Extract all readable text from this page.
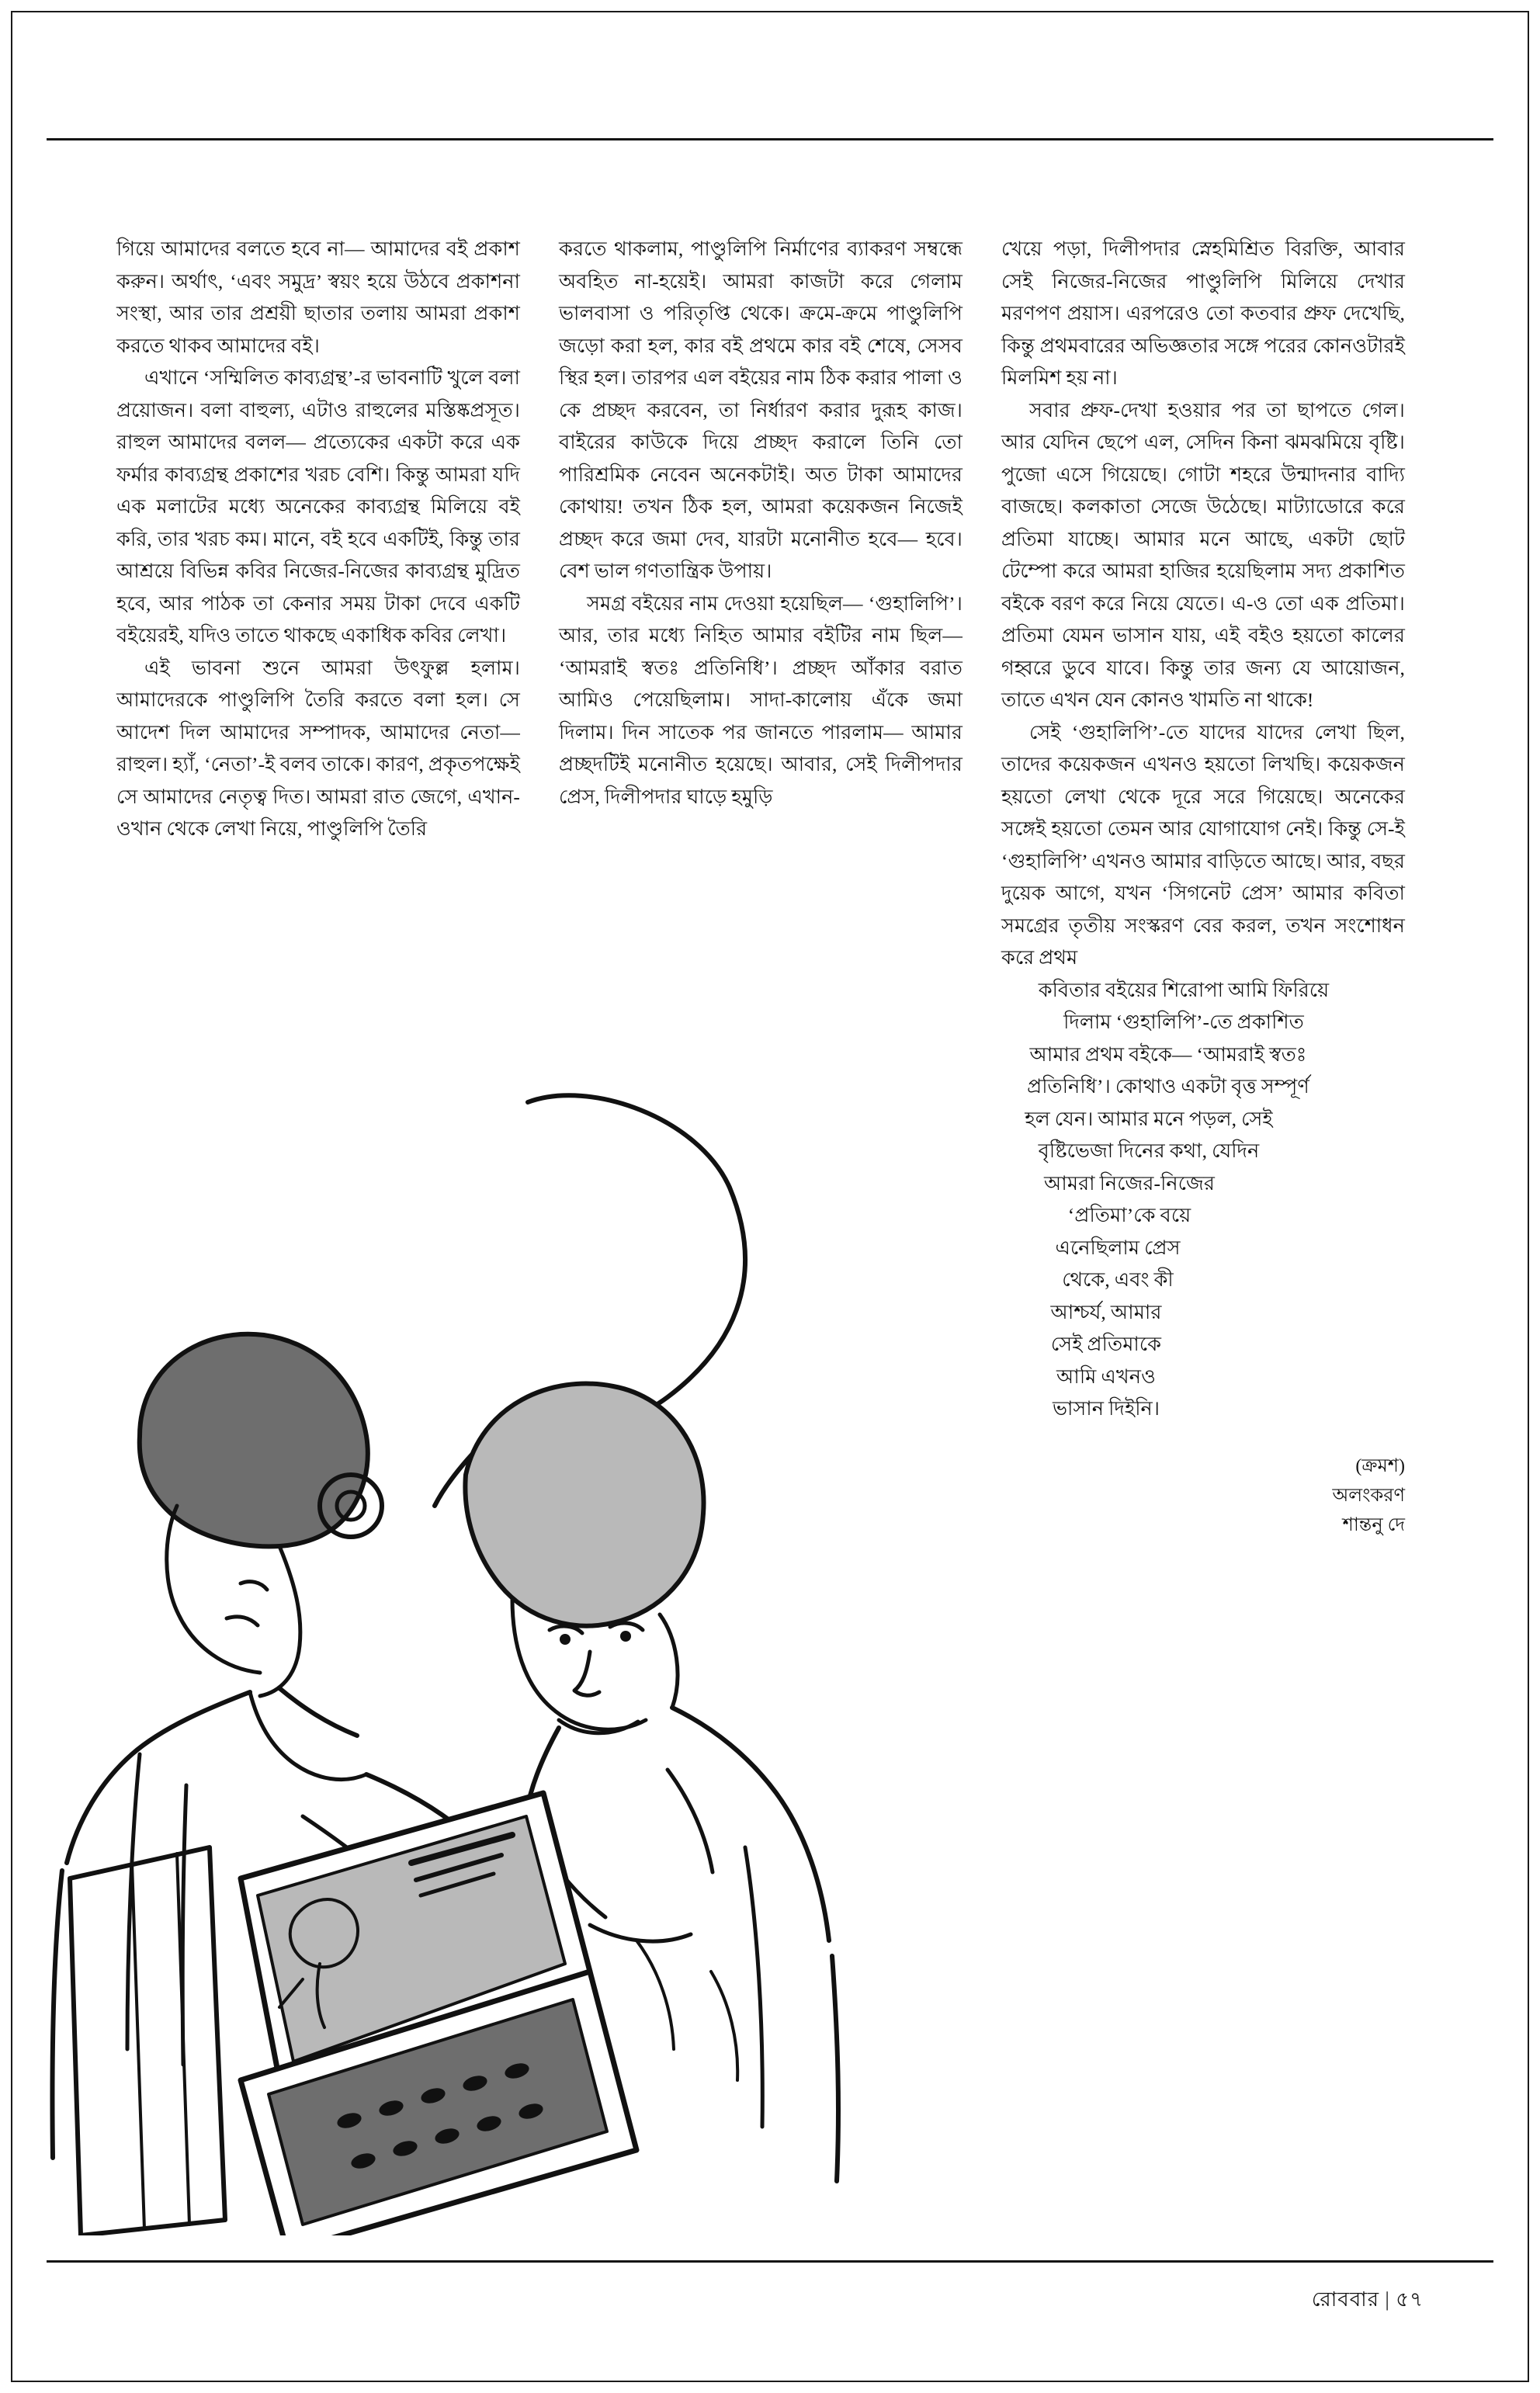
গিয়ে আমাদের বলতে হবে না— আমাদের বই প্রকাশ করুন। অর্থাৎ, ‘এবং সমুদ্র’ স্বয়ং হয়ে উঠবে প্রকাশনা সংস্থা, আর তার প্রশ্রয়ী ছাতার তলায় আমরা প্রকাশ করতে থাকব আমাদের বই।

এখানে ‘সম্মিলিত কাব্যগ্রন্থ’-র ভাবনাটি খুলে বলা প্রয়োজন। বলা বাহুল্য, এটাও রাহুলের মস্তিষ্কপ্রসূত। রাহুল আমাদের বলল— প্রত্যেকের একটা করে এক ফর্মার কাব্যগ্রন্থ প্রকাশের খরচ বেশি। কিন্তু আমরা যদি এক মলাটের মধ্যে অনেকের কাব্যগ্রন্থ মিলিয়ে বই করি, তার খরচ কম। মানে, বই হবে একটিই, কিন্তু তার আশ্রয়ে বিভিন্ন কবির নিজের-নিজের কাব্যগ্রন্থ মুদ্রিত হবে, আর পাঠক তা কেনার সময় টাকা দেবে একটি বইয়েরই, যদিও তাতে থাকছে একাধিক কবির লেখা।

এই ভাবনা শুনে আমরা উৎফুল্ল হলাম। আমাদেরকে পাণ্ডুলিপি তৈরি করতে বলা হল। সে আদেশ দিল আমাদের সম্পাদক, আমাদের নেতা— রাহুল। হ্যাঁ, ‘নেতা’-ই বলব তাকে। কারণ, প্রকৃতপক্ষেই সে আমাদের নেতৃত্ব দিত। আমরা রাত জেগে, এখান-ওখান থেকে লেখা নিয়ে, পাণ্ডুলিপি তৈরি

করতে থাকলাম, পাণ্ডুলিপি নির্মাণের ব্যাকরণ সম্বন্ধে অবহিত না-হয়েই। আমরা কাজটা করে গেলাম ভালবাসা ও পরিতৃপ্তি থেকে। ক্রমে-ক্রমে পাণ্ডুলিপি জড়ো করা হল, কার বই প্রথমে কার বই শেষে, সেসব স্থির হল। তারপর এল বইয়ের নাম ঠিক করার পালা ও কে প্রচ্ছদ করবেন, তা নির্ধারণ করার দুরূহ কাজ। বাইরের কাউকে দিয়ে প্রচ্ছদ করালে তিনি তো পারিশ্রমিক নেবেন অনেকটাই। অত টাকা আমাদের কোথায়! তখন ঠিক হল, আমরা কয়েকজন নিজেই প্রচ্ছদ করে জমা দেব, যারটা মনোনীত হবে— হবে। বেশ ভাল গণতান্ত্রিক উপায়।

সমগ্র বইয়ের নাম দেওয়া হয়েছিল— ‘গুহালিপি’। আর, তার মধ্যে নিহিত আমার বইটির নাম ছিল— ‘আমরাই স্বতঃ প্রতিনিধি’। প্রচ্ছদ আঁকার বরাত আমিও পেয়েছিলাম। সাদা-কালোয় এঁকে জমা দিলাম। দিন সাতেক পর জানতে পারলাম— আমার প্রচ্ছদটিই মনোনীত হয়েছে। আবার, সেই দিলীপদার প্রেস, দিলীপদার ঘাড়ে হমুড়ি

খেয়ে পড়া, দিলীপদার স্নেহমিশ্রিত বিরক্তি, আবার সেই নিজের-নিজের পাণ্ডুলিপি মিলিয়ে দেখার মরণপণ প্রয়াস। এরপরেও তো কতবার প্রুফ দেখেছি, কিন্তু প্রথমবারের অভিজ্ঞতার সঙ্গে পরের কোনওটারই মিলমিশ হয় না।

সবার প্রুফ-দেখা হওয়ার পর তা ছাপতে গেল। আর যেদিন ছেপে এল, সেদিন কিনা ঝমঝমিয়ে বৃষ্টি। পুজো এসে গিয়েছে। গোটা শহরে উন্মাদনার বাদ্যি বাজছে। কলকাতা সেজে উঠেছে। মাট্যাডোরে করে প্রতিমা যাচ্ছে। আমার মনে আছে, একটা ছোট টেম্পো করে আমরা হাজির হয়েছিলাম সদ্য প্রকাশিত বইকে বরণ করে নিয়ে যেতে। এ-ও তো এক প্রতিমা। প্রতিমা যেমন ভাসান যায়, এই বইও হয়তো কালের গহ্বরে ডুবে যাবে। কিন্তু তার জন্য যে আয়োজন, তাতে এখন যেন কোনও খামতি না থাকে!

সেই ‘গুহালিপি’-তে যাদের যাদের লেখা ছিল, তাদের কয়েকজন এখনও হয়তো লিখছি। কয়েকজন হয়তো লেখা থেকে দূরে সরে গিয়েছে। অনেকের সঙ্গেই হয়তো তেমন আর যোগাযোগ নেই। কিন্তু সে-ই ‘গুহালিপি’ এখনও আমার বাড়িতে আছে। আর, বছর দুয়েক আগে, যখন ‘সিগনেট প্রেস’ আমার কবিতা সমগ্রের তৃতীয় সংস্করণ বের করল, তখন সংশোধন করে প্রথম

কবিতার বইয়ের শিরোপা আমি ফিরিয়ে

দিলাম ‘গুহালিপি’-তে প্রকাশিত

আমার প্রথম বইকে— ‘আমরাই স্বতঃ

প্রতিনিধি’। কোথাও একটা বৃত্ত সম্পূর্ণ

হল যেন। আমার মনে পড়ল, সেই

বৃষ্টিভেজা দিনের কথা, যেদিন

আমরা নিজের-নিজের

‘প্রতিমা’কে বয়ে

এনেছিলাম প্রেস

থেকে, এবং কী

আশ্চর্য, আমার

সেই প্রতিমাকে

আমি এখনও

ভাসান দিইনি।

(ক্রমশ)
অলংকরণ
শান্তনু দে
রোববার | ৫৭
